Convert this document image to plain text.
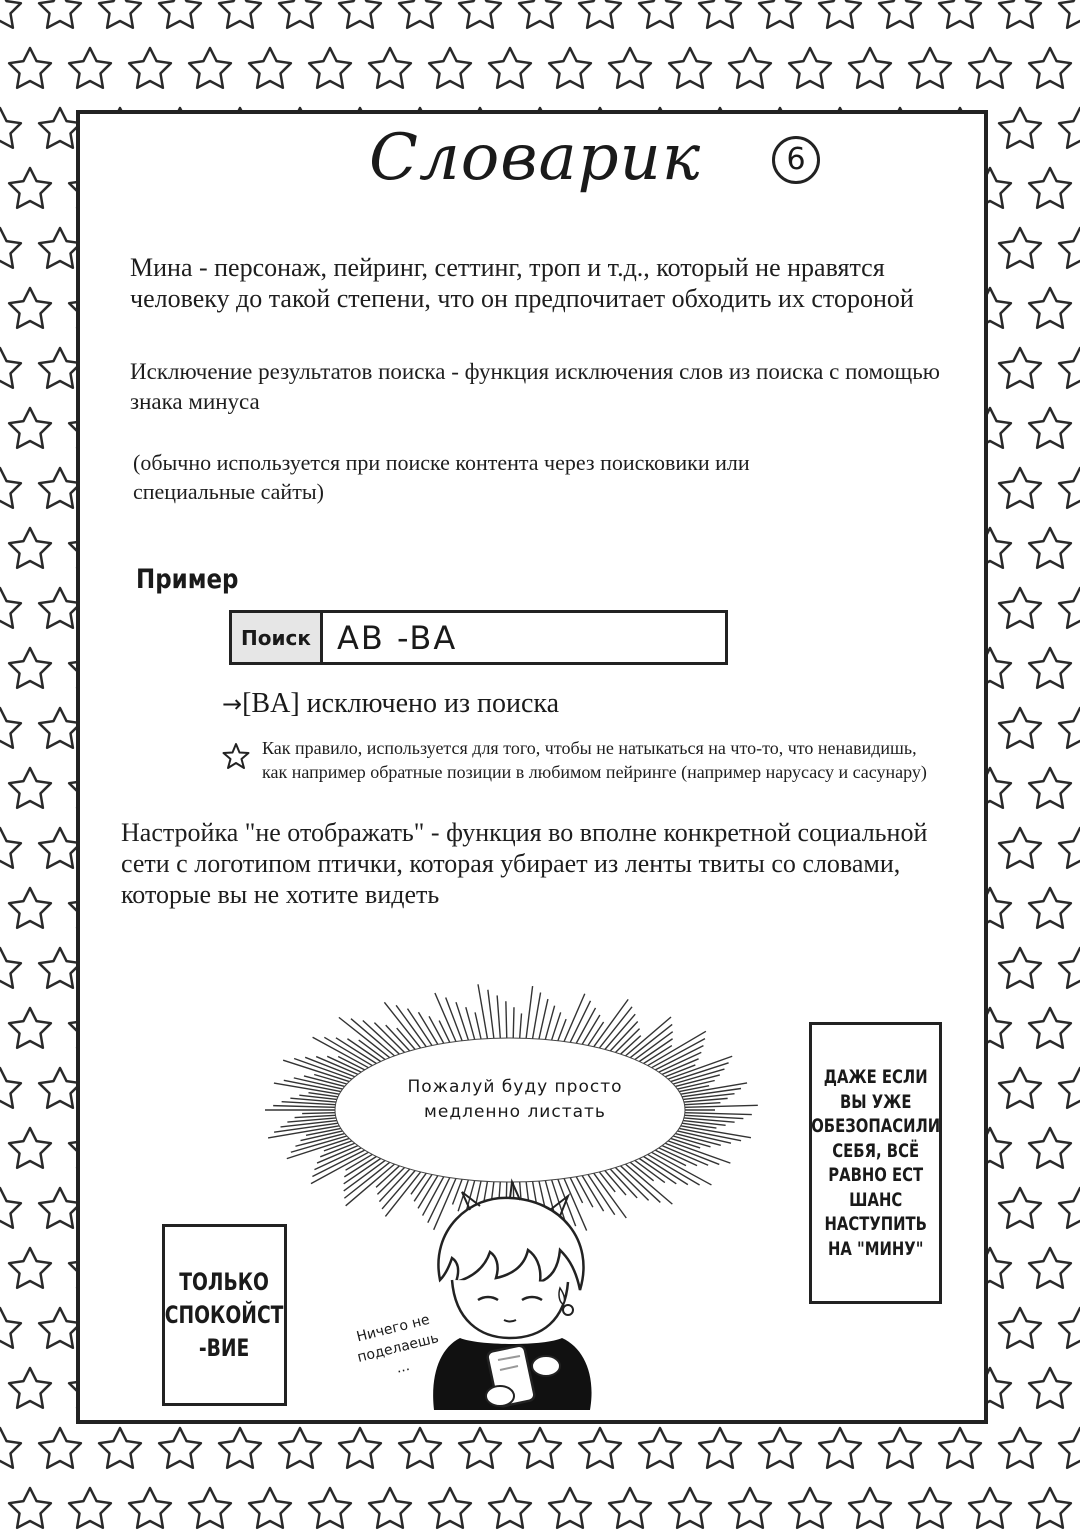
Словарик	6
Мина - персонаж, пейринг, сеттинг, троп и т.д., который не нравятся человеку до такой степени, что он предпочитает обходить их стороной
Исключение результатов поиска - функция исключения слов из поиска с помощью знака минуса
(обычно используется при поиске контента через поисковики или специальные сайты)
Пример
Поиск AB -BA
→[BA] исключено из поиска
Как правило, используется для того, чтобы не натыкаться на что-то, что ненавидишь, как например обратные позиции в любимом пейринге (например нарусасу и сасунару)
Настройка "не отображать" - функция во вполне конкретной социальной сети с логотипом птички, которая убирает из ленты твиты со словами, которые вы не хотите видеть
Пожалуй буду просто медленно листать
ДАЖЕ ЕСЛИ
ВЫ УЖЕ
ОБЕЗОПАСИЛИ
СЕБЯ, ВСЁ
РАВНО ЕСТ
ШАНС
НАСТУПИТЬ
НА "МИНУ"
ТОЛЬКО
СПОКОЙСТ
-ВИЕ
Ничего не
поделаешь
...
